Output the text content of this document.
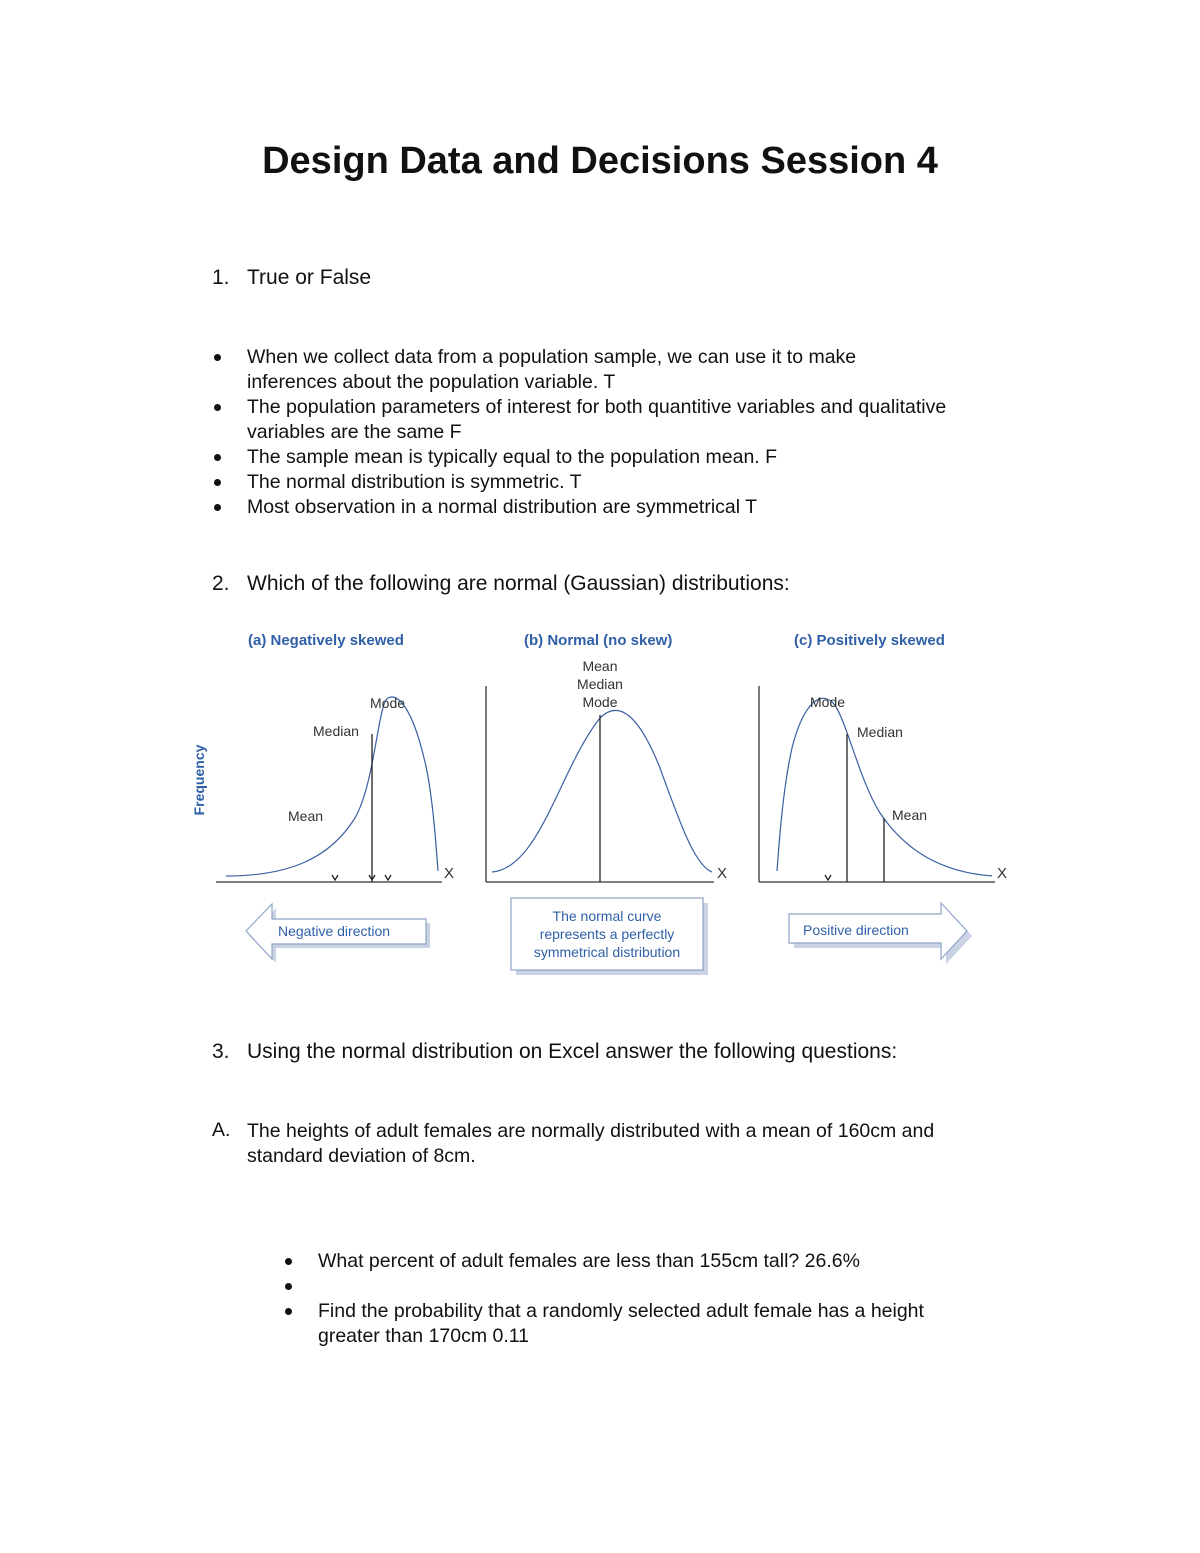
Design Data and Decisions Session 4
1. True or False
When we collect data from a population sample, we can use it to make
inferences about the population variable. T
The population parameters of interest for both quantitive variables and qualitative
variables are the same F
The sample mean is typically equal to the population mean. F
The normal distribution is symmetric. T
Most observation in a normal distribution are symmetrical T
2. Which of the following are normal (Gaussian) distributions:
Frequency
(a) Negatively skewed	(b) Normal (no skew)	(c) Positively skewed
X
Mode
Median
Mean
Negative direction
X
Mean
Median
Mode
The normal curve
represents a perfectly
symmetrical distribution
X
Mode
Median
Mean
Positive direction
3. Using the normal distribution on Excel answer the following questions:
A. The heights of adult females are normally distributed with a mean of 160cm and
standard deviation of 8cm.
What percent of adult females are less than 155cm tall? 26.6%
Find the probability that a randomly selected adult female has a height
greater than 170cm 0.11
